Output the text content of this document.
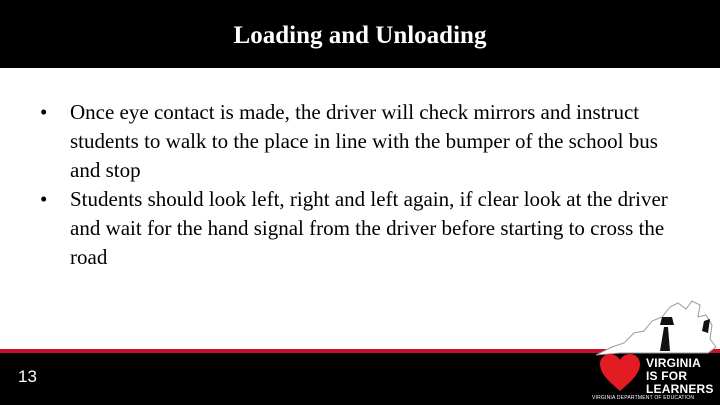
Loading and Unloading
• Once eye contact is made, the driver will check mirrors and instruct students to walk to the place in line with the bumper of the school bus and stop
• Students should look left, right and left again, if clear look at the driver and wait for the hand signal from the driver before starting to cross the road
13
VIRGINIA
IS FOR
LEARNERS
VIRGINIA DEPARTMENT OF EDUCATION
